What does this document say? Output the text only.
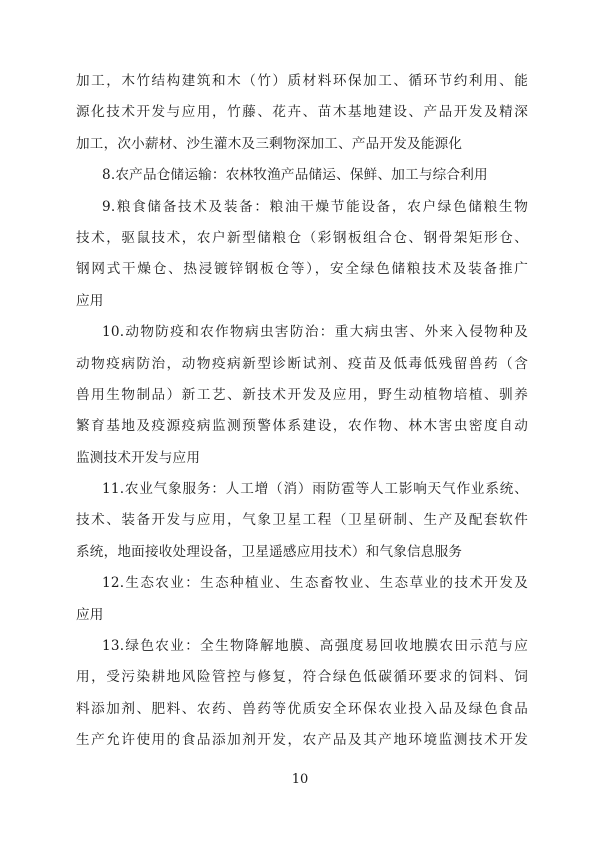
加工，木竹结构建筑和木（竹）质材料环保加工、循环节约利用、能
源化技术开发与应用，竹藤、花卉、苗木基地建设、产品开发及精深
加工，次小薪材、沙生灌木及三剩物深加工、产品开发及能源化
8.农产品仓储运输：农林牧渔产品储运、保鲜、加工与综合利用
9.粮食储备技术及装备：粮油干燥节能设备，农户绿色储粮生物
技术，驱鼠技术，农户新型储粮仓（彩钢板组合仓、钢骨架矩形仓、
钢网式干燥仓、热浸镀锌钢板仓等），安全绿色储粮技术及装备推广
应用
10.动物防疫和农作物病虫害防治：重大病虫害、外来入侵物种及
动物疫病防治，动物疫病新型诊断试剂、疫苗及低毒低残留兽药（含
兽用生物制品）新工艺、新技术开发及应用，野生动植物培植、驯养
繁育基地及疫源疫病监测预警体系建设，农作物、林木害虫密度自动
监测技术开发与应用
11.农业气象服务：人工增（消）雨防雹等人工影响天气作业系统、
技术、装备开发与应用，气象卫星工程（卫星研制、生产及配套软件
系统，地面接收处理设备，卫星遥感应用技术）和气象信息服务
12.生态农业：生态种植业、生态畜牧业、生态草业的技术开发及
应用
13.绿色农业：全生物降解地膜、高强度易回收地膜农田示范与应
用，受污染耕地风险管控与修复，符合绿色低碳循环要求的饲料、饲
料添加剂、肥料、农药、兽药等优质安全环保农业投入品及绿色食品
生产允许使用的食品添加剂开发，农产品及其产地环境监测技术开发
10
